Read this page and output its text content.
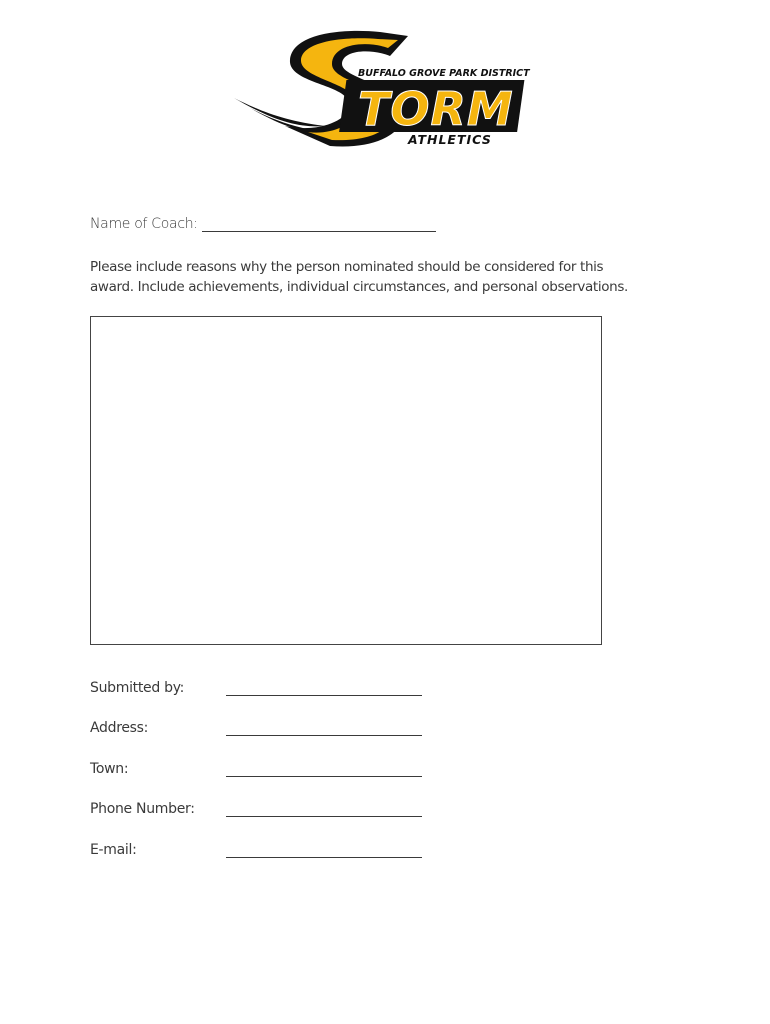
BUFFALO GROVE PARK DISTRICT
TORM
ATHLETICS
Name of Coach:
Please include reasons why the person nominated should be considered for this award. Include achievements, individual circumstances, and personal observations.
Submitted by:
Address:
Town:
Phone Number:
E-mail:
